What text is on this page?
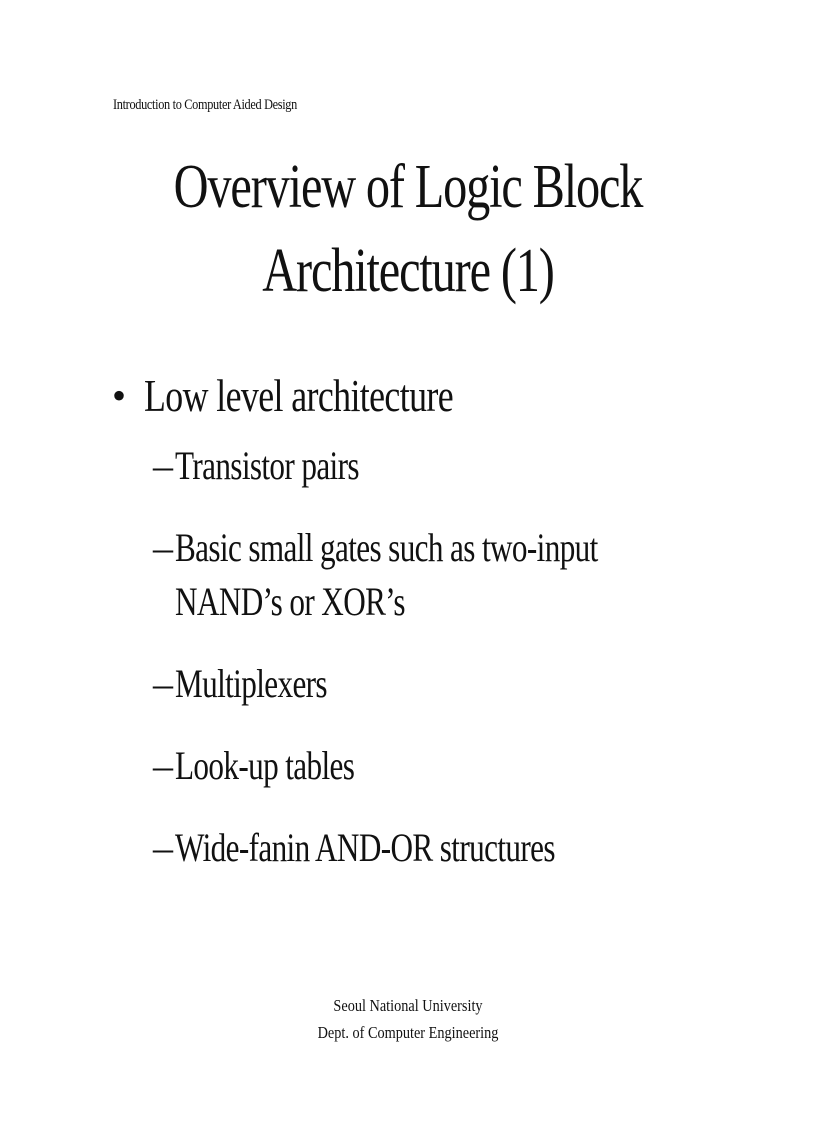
Introduction to Computer Aided Design
Overview of Logic Block
Architecture (1)
• Low level architecture
– Transistor pairs
– Basic small gates such as two-input NAND’s or XOR’s
– Multiplexers
– Look-up tables
– Wide-fanin AND-OR structures
Seoul National University
Dept. of Computer Engineering
